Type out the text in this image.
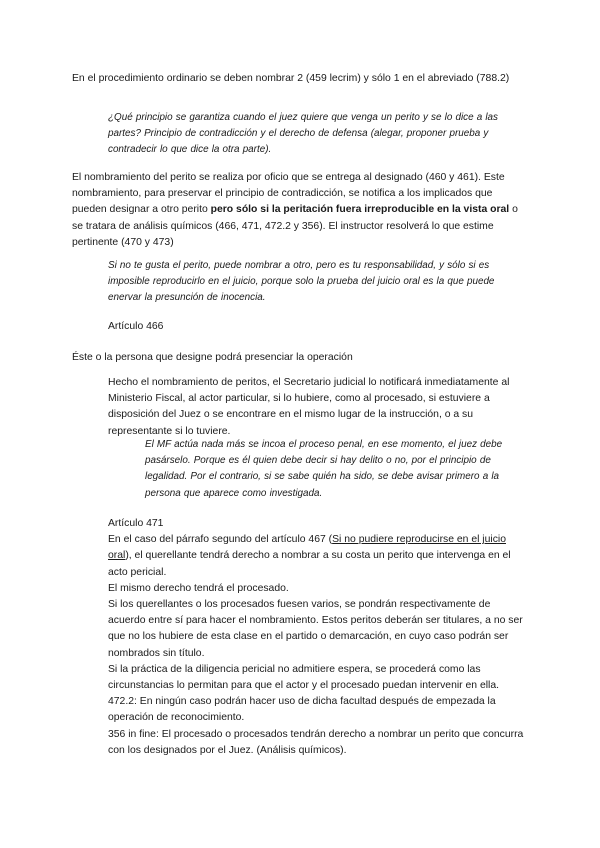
En el procedimiento ordinario se deben nombrar 2 (459 lecrim) y sólo 1 en el abreviado (788.2)

¿Qué principio se garantiza cuando el juez quiere que venga un perito y se lo dice a las partes? Principio de contradicción y el derecho de defensa (alegar, proponer prueba y contradecir lo que dice la otra parte).

El nombramiento del perito se realiza por oficio que se entrega al designado (460 y 461). Este nombramiento, para preservar el principio de contradicción, se notifica a los implicados que pueden designar a otro perito pero sólo si la peritación fuera irreproducible en la vista oral o se tratara de análisis químicos (466, 471, 472.2 y 356). El instructor resolverá lo que estime pertinente (470 y 473)

Si no te gusta el perito, puede nombrar a otro, pero es tu responsabilidad, y sólo si es imposible reproducirlo en el juicio, porque solo la prueba del juicio oral es la que puede enervar la presunción de inocencia.

Artículo 466

Éste o la persona que designe podrá presenciar la operación

Hecho el nombramiento de peritos, el Secretario judicial lo notificará inmediatamente al Ministerio Fiscal, al actor particular, si lo hubiere, como al procesado, si estuviere a disposición del Juez o se encontrare en el mismo lugar de la instrucción, o a su representante si lo tuviere.

El MF actúa nada más se incoa el proceso penal, en ese momento, el juez debe pasárselo. Porque es él quien debe decir si hay delito o no, por el principio de legalidad. Por el contrario, si se sabe quién ha sido, se debe avisar primero a la persona que aparece como investigada.

Artículo 471
En el caso del párrafo segundo del artículo 467 (Si no pudiere reproducirse en el juicio oral), el querellante tendrá derecho a nombrar a su costa un perito que intervenga en el acto pericial.
El mismo derecho tendrá el procesado.
Si los querellantes o los procesados fuesen varios, se pondrán respectivamente de acuerdo entre sí para hacer el nombramiento. Estos peritos deberán ser titulares, a no ser que no los hubiere de esta clase en el partido o demarcación, en cuyo caso podrán ser nombrados sin título.
Si la práctica de la diligencia pericial no admitiere espera, se procederá como las circunstancias lo permitan para que el actor y el procesado puedan intervenir en ella.
472.2: En ningún caso podrán hacer uso de dicha facultad después de empezada la operación de reconocimiento.
356 in fine: El procesado o procesados tendrán derecho a nombrar un perito que concurra con los designados por el Juez. (Análisis químicos).
